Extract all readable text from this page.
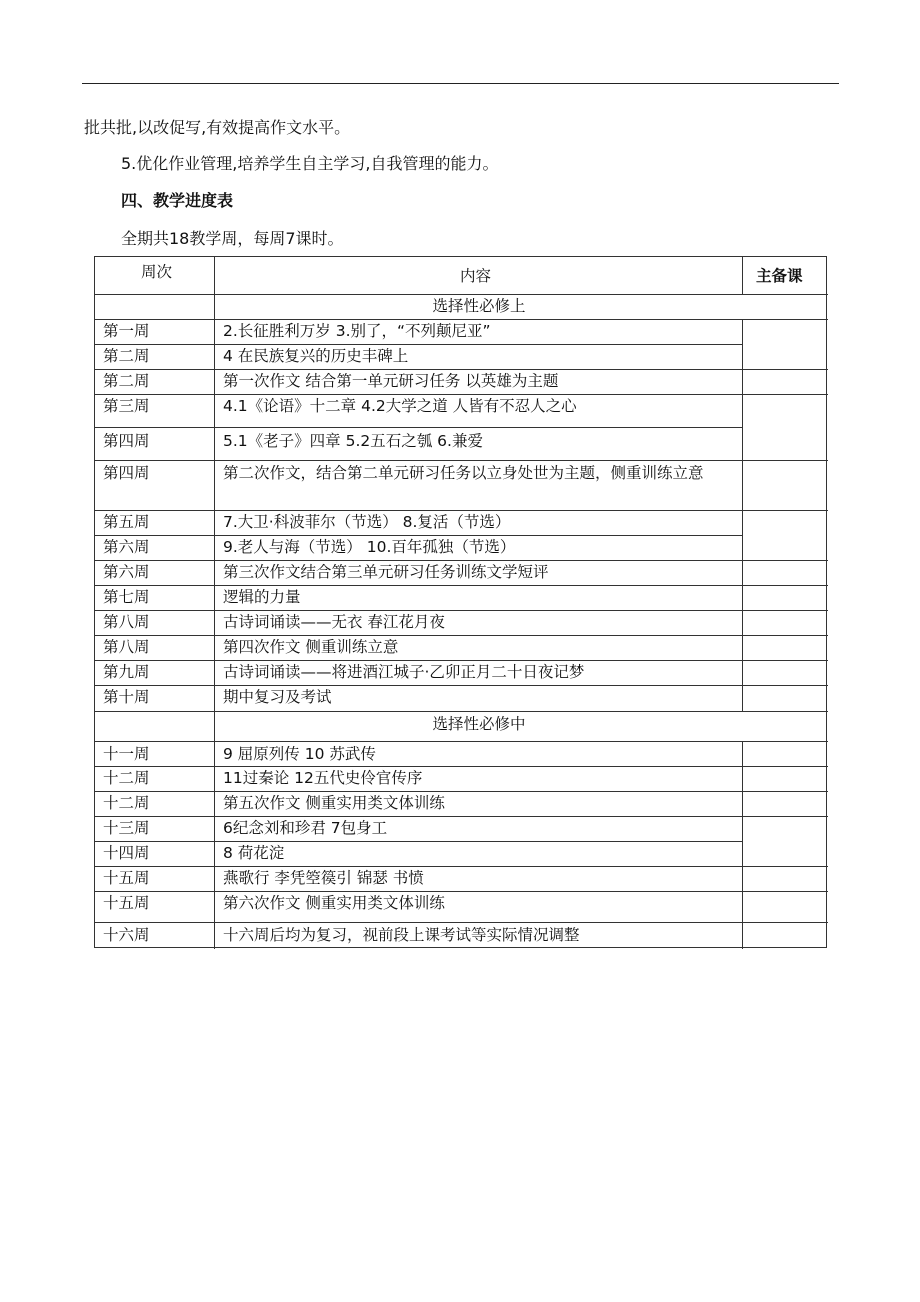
批共批,以改促写,有效提高作文水平。
5.优化作业管理,培养学生自主学习,自我管理的能力。
四、教学进度表
全期共18教学周，每周7课时。
周次	内容	主备课
选择性必修上
第一周	2.长征胜利万岁 3.别了，“不列颠尼亚”
第二周	4 在民族复兴的历史丰碑上
第二周	第一次作文 结合第一单元研习任务 以英雄为主题
第三周	4.1《论语》十二章 4.2大学之道 人皆有不忍人之心
第四周	5.1《老子》四章 5.2五石之瓠 6.兼爱
第四周	第二次作文，结合第二单元研习任务以立身处世为主题，侧重训练立意
第五周	7.大卫·科波菲尔（节选） 8.复活（节选）
第六周	9.老人与海（节选） 10.百年孤独（节选）
第六周	第三次作文结合第三单元研习任务训练文学短评
第七周	逻辑的力量
第八周	古诗词诵读——无衣 春江花月夜
第八周	第四次作文 侧重训练立意
第九周	古诗词诵读——将进酒江城子·乙卯正月二十日夜记梦
第十周	期中复习及考试
选择性必修中
十一周	9 屈原列传 10 苏武传
十二周	11过秦论 12五代史伶官传序
十二周	第五次作文 侧重实用类文体训练
十三周	6纪念刘和珍君 7包身工
十四周	8 荷花淀
十五周	燕歌行 李凭箜篌引 锦瑟 书愤
十五周	第六次作文 侧重实用类文体训练
十六周	十六周后均为复习，视前段上课考试等实际情况调整
